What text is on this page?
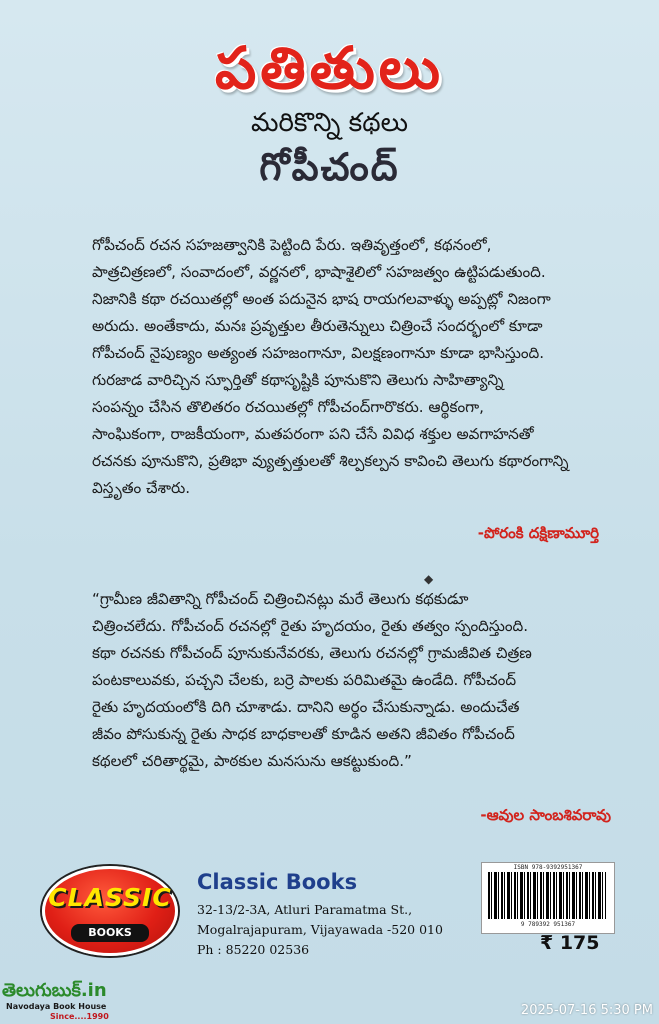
పతితులు
మరికొన్ని కథలు
గోపీచంద్

గోపీచంద్ రచన సహజత్వానికి పెట్టింది పేరు. ఇతివృత్తంలో, కథనంలో,

పాత్రచిత్రణలో, సంవాదంలో, వర్ణనలో, భాషాశైలిలో సహజత్వం ఉట్టిపడుతుంది.

నిజానికి కథా రచయితల్లో అంత పదునైన భాష రాయగలవాళ్ళు అప్పట్లో నిజంగా

అరుదు. అంతేకాదు, మనః ప్రవృత్తుల తీరుతెన్నులు చిత్రించే సందర్భంలో కూడా

గోపీచంద్ నైపుణ్యం అత్యంత సహజంగానూ, విలక్షణంగానూ కూడా భాసిస్తుంది.

గురజాడ వారిచ్చిన స్ఫూర్తితో కథాసృష్టికి పూనుకొని తెలుగు సాహిత్యాన్ని

సంపన్నం చేసిన తొలితరం రచయితల్లో గోపీచంద్‌గారొకరు. ఆర్థికంగా,

సాంఘికంగా, రాజకీయంగా, మతపరంగా పని చేసే వివిధ శక్తుల అవగాహనతో

రచనకు పూనుకొని, ప్రతిభా వ్యుత్పత్తులతో శిల్పకల్పన కావించి తెలుగు కథారంగాన్ని

విస్తృతం చేశారు.

-పోరంకి దక్షిణామూర్తి
◆

“గ్రామీణ జీవితాన్ని గోపీచంద్ చిత్రించినట్లు మరే తెలుగు కథకుడూ

చిత్రించలేదు. గోపీచంద్ రచనల్లో రైతు హృదయం, రైతు తత్వం స్పందిస్తుంది.

కథా రచనకు గోపీచంద్ పూనుకునేవరకు, తెలుగు రచనల్లో గ్రామజీవిత చిత్రణ

పంటకాలువకు, పచ్చని చేలకు, బర్రె పాలకు పరిమితమై ఉండేది. గోపీచంద్

రైతు హృదయంలోకి దిగి చూశాడు. దానిని అర్థం చేసుకున్నాడు. అందుచేత

జీవం పోసుకున్న రైతు సాధక బాధకాలతో కూడిన అతని జీవితం గోపీచంద్

కథలలో చరితార్థమై, పాఠకుల మనసును ఆకట్టుకుంది.”

-ఆవుల సాంబశివరావు
CLASSIC
BOOKS
Classic Books
32-13/2-3A, Atluri Paramatma St.,
Mogalrajapuram, Vijayawada -520 010
Ph : 85220 02536
ISBN 978-9392951367
9 789392 951367
₹ 175
తెలుగుబుక్.in
Navodaya Book House
Since....1990	2025-07-16 5:30 PM
